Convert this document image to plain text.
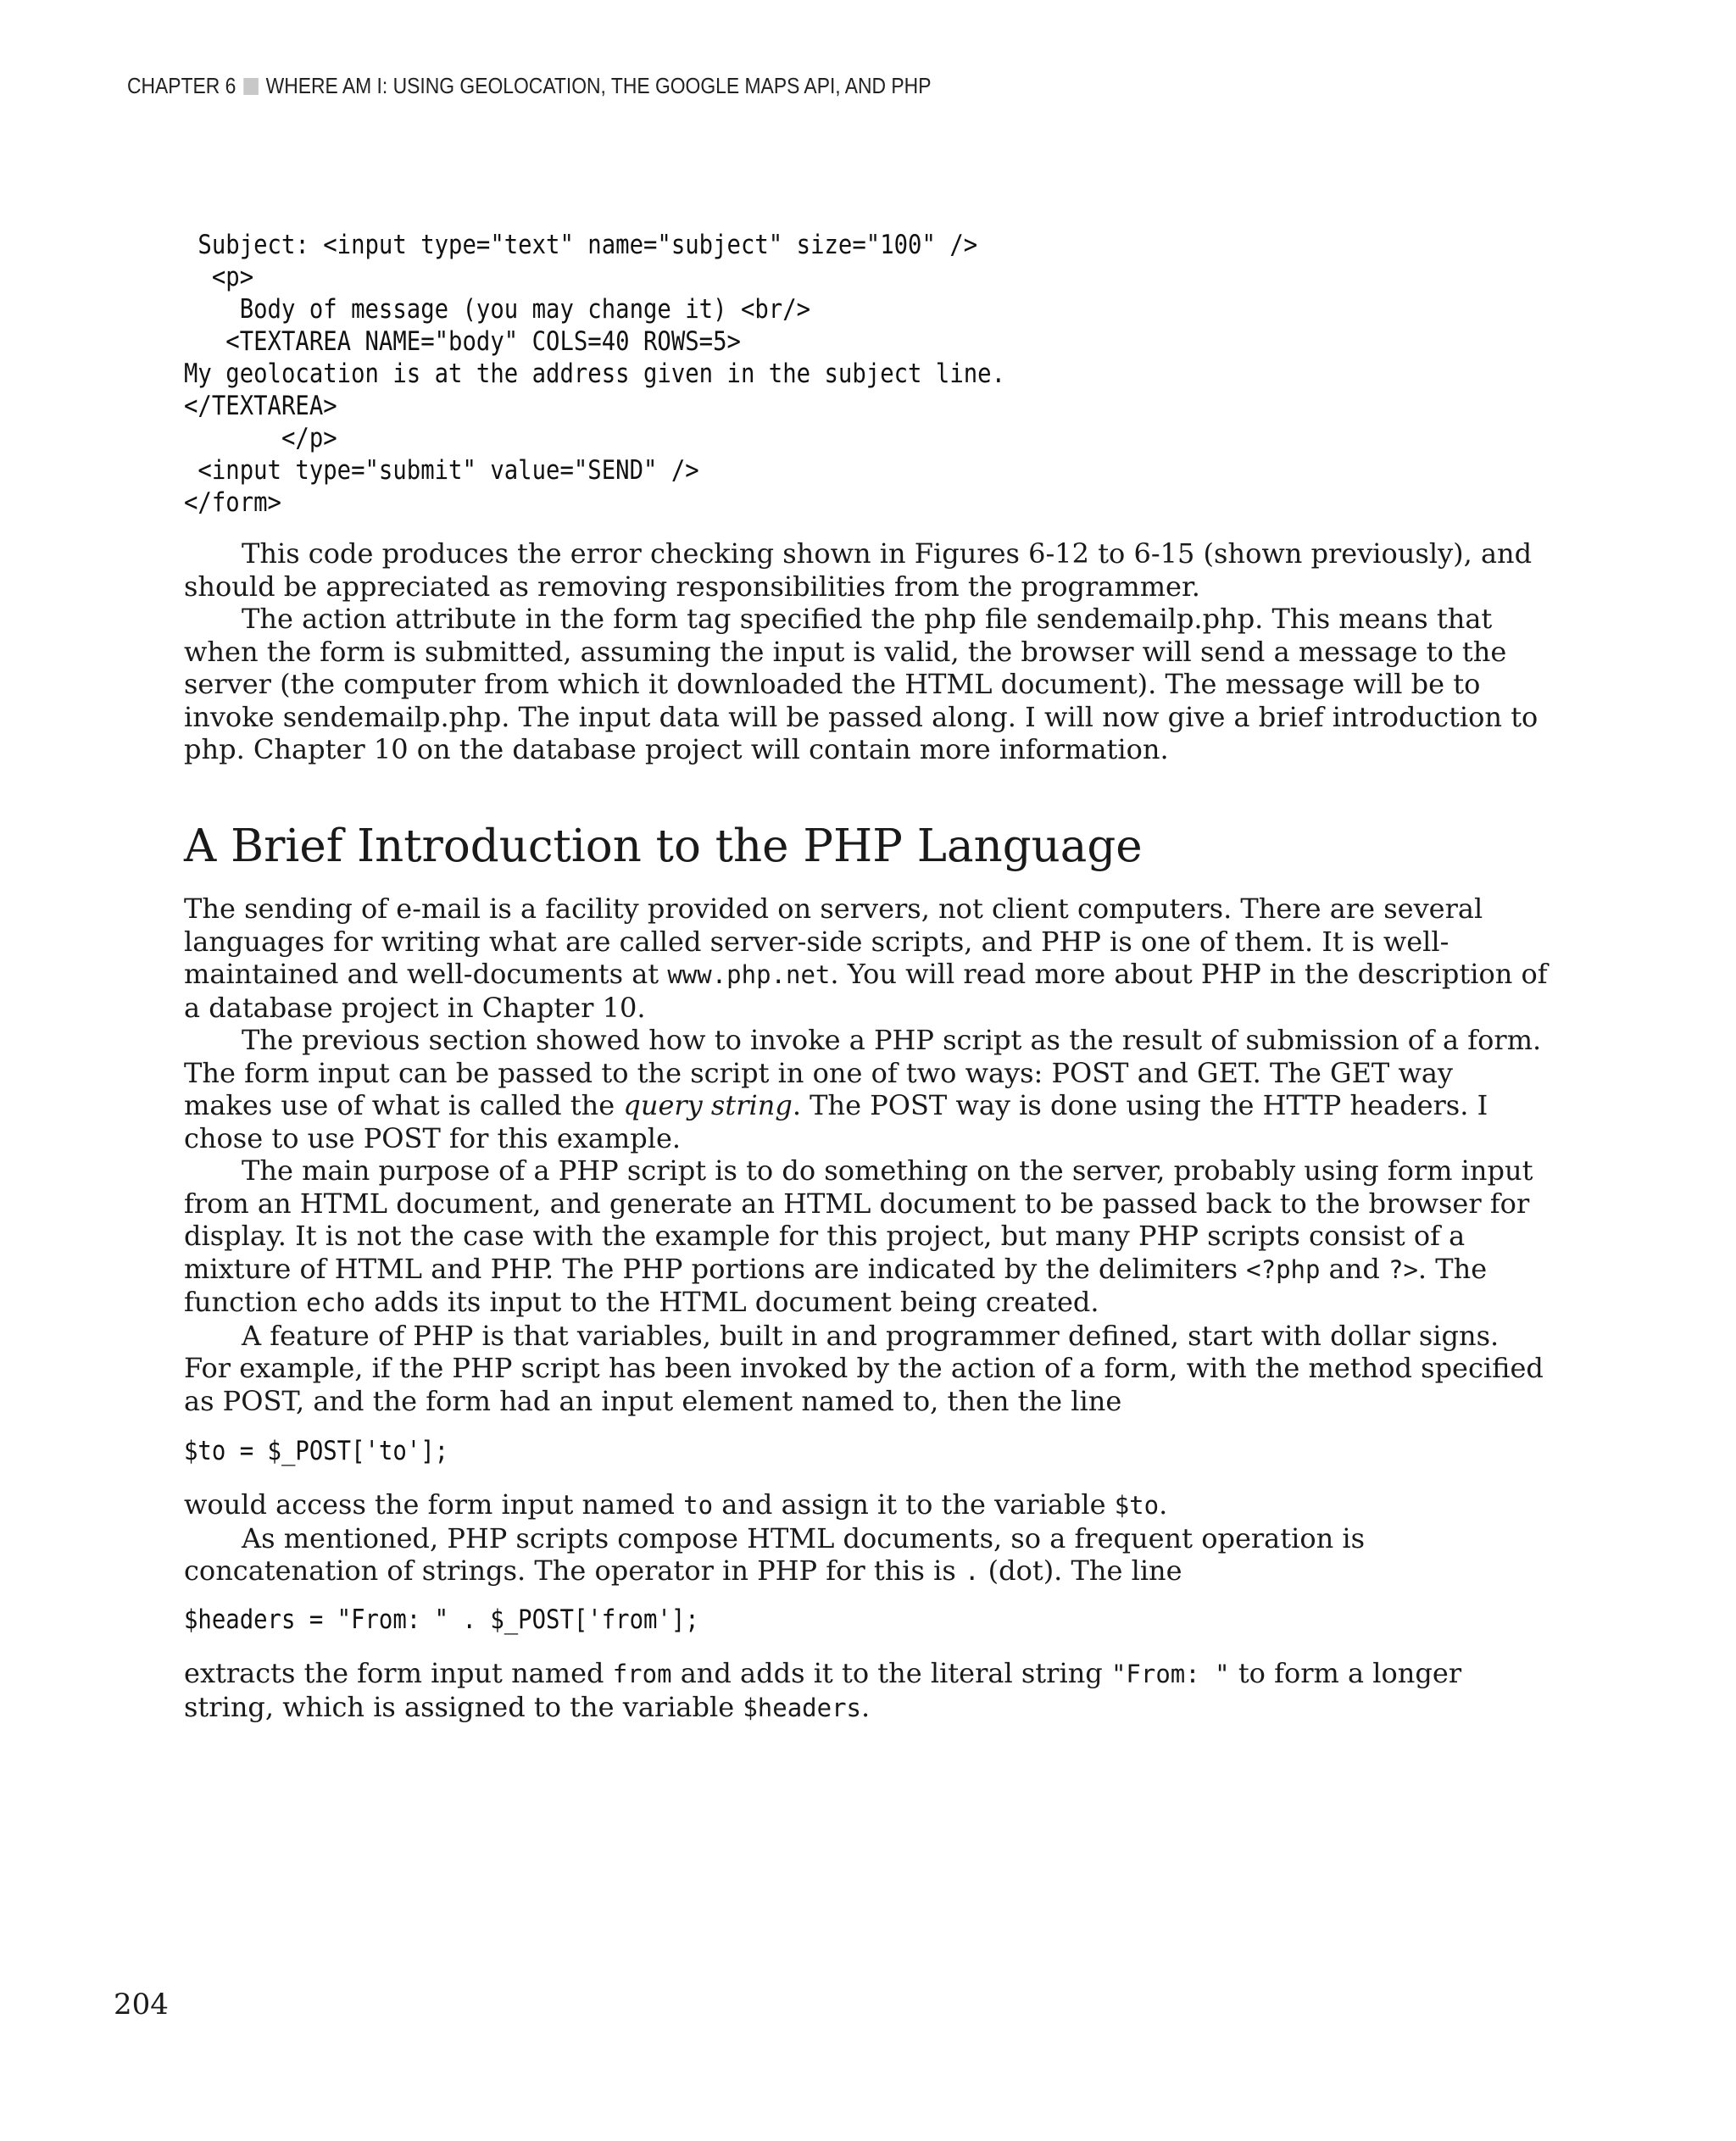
CHAPTER 6 WHERE AM I: USING GEOLOCATION, THE GOOGLE MAPS API, AND PHP
Subject: <input type="text" name="subject" size="100" />
<p>
Body of message (you may change it) <br/>
<TEXTAREA NAME="body" COLS=40 ROWS=5>
My geolocation is at the address given in the subject line.
</TEXTAREA>
</p>
<input type="submit" value="SEND" />
</form>

This code produces the error checking shown in Figures 6-12 to 6-15 (shown previously), and should be appreciated as removing responsibilities from the programmer.

The action attribute in the form tag specified the php file sendemailp.php. This means that when the form is submitted, assuming the input is valid, the browser will send a message to the server (the computer from which it downloaded the HTML document). The message will be to invoke sendemailp.php. The input data will be passed along. I will now give a brief introduction to php. Chapter 10 on the database project will contain more information.

A Brief Introduction to the PHP Language

The sending of e-mail is a facility provided on servers, not client computers. There are several languages for writing what are called server-side scripts, and PHP is one of them. It is well-maintained and well-documents at www.php.net. You will read more about PHP in the description of a database project in Chapter 10.

The previous section showed how to invoke a PHP script as the result of submission of a form. The form input can be passed to the script in one of two ways: POST and GET. The GET way makes use of what is called the query string. The POST way is done using the HTTP headers. I chose to use POST for this example.

The main purpose of a PHP script is to do something on the server, probably using form input from an HTML document, and generate an HTML document to be passed back to the browser for display. It is not the case with the example for this project, but many PHP scripts consist of a mixture of HTML and PHP. The PHP portions are indicated by the delimiters <?php and ?>. The function echo adds its input to the HTML document being created.

A feature of PHP is that variables, built in and programmer defined, start with dollar signs. For example, if the PHP script has been invoked by the action of a form, with the method specified as POST, and the form had an input element named to, then the line

$to = $_POST['to'];

would access the form input named to and assign it to the variable $to.

As mentioned, PHP scripts compose HTML documents, so a frequent operation is concatenation of strings. The operator in PHP for this is . (dot). The line

$headers = "From: " . $_POST['from'];

extracts the form input named from and adds it to the literal string "From: " to form a longer string, which is assigned to the variable $headers.

204
